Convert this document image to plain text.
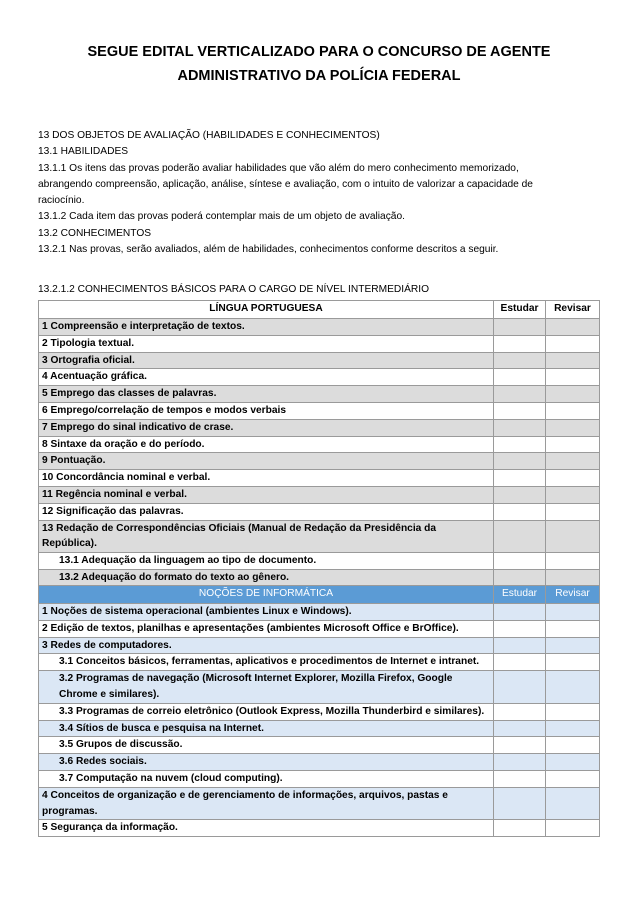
SEGUE EDITAL VERTICALIZADO PARA O CONCURSO DE AGENTE
ADMINISTRATIVO DA POLÍCIA FEDERAL
13 DOS OBJETOS DE AVALIAÇÃO (HABILIDADES E CONHECIMENTOS)
13.1 HABILIDADES
13.1.1 Os itens das provas poderão avaliar habilidades que vão além do mero conhecimento memorizado,
abrangendo compreensão, aplicação, análise, síntese e avaliação, com o intuito de valorizar a capacidade de
raciocínio.
13.1.2 Cada item das provas poderá contemplar mais de um objeto de avaliação.
13.2 CONHECIMENTOS
13.2.1 Nas provas, serão avaliados, além de habilidades, conhecimentos conforme descritos a seguir.
13.2.1.2 CONHECIMENTOS BÁSICOS PARA O CARGO DE NÍVEL INTERMEDIÁRIO
LÍNGUA PORTUGUESA	Estudar	Revisar
1 Compreensão e interpretação de textos.		
2 Tipologia textual.		
3 Ortografia oficial.		
4 Acentuação gráfica.		
5 Emprego das classes de palavras.		
6 Emprego/correlação de tempos e modos verbais		
7 Emprego do sinal indicativo de crase.		
8 Sintaxe da oração e do período.		
9 Pontuação.		
10 Concordância nominal e verbal.		
11 Regência nominal e verbal.		
12 Significação das palavras.		
13 Redação de Correspondências Oficiais (Manual de Redação da Presidência da República).		
13.1 Adequação da linguagem ao tipo de documento.		
13.2 Adequação do formato do texto ao gênero.		
NOÇÕES DE INFORMÁTICA	Estudar	Revisar
1 Noções de sistema operacional (ambientes Linux e Windows).		
2 Edição de textos, planilhas e apresentações (ambientes Microsoft Office e BrOffice).		
3 Redes de computadores.		
3.1 Conceitos básicos, ferramentas, aplicativos e procedimentos de Internet e intranet.		
3.2 Programas de navegação (Microsoft Internet Explorer, Mozilla Firefox, Google Chrome e similares).		
3.3 Programas de correio eletrônico (Outlook Express, Mozilla Thunderbird e similares).		
3.4 Sítios de busca e pesquisa na Internet.		
3.5 Grupos de discussão.		
3.6 Redes sociais.		
3.7 Computação na nuvem (cloud computing).		
4 Conceitos de organização e de gerenciamento de informações, arquivos, pastas e programas.		
5 Segurança da informação.		
